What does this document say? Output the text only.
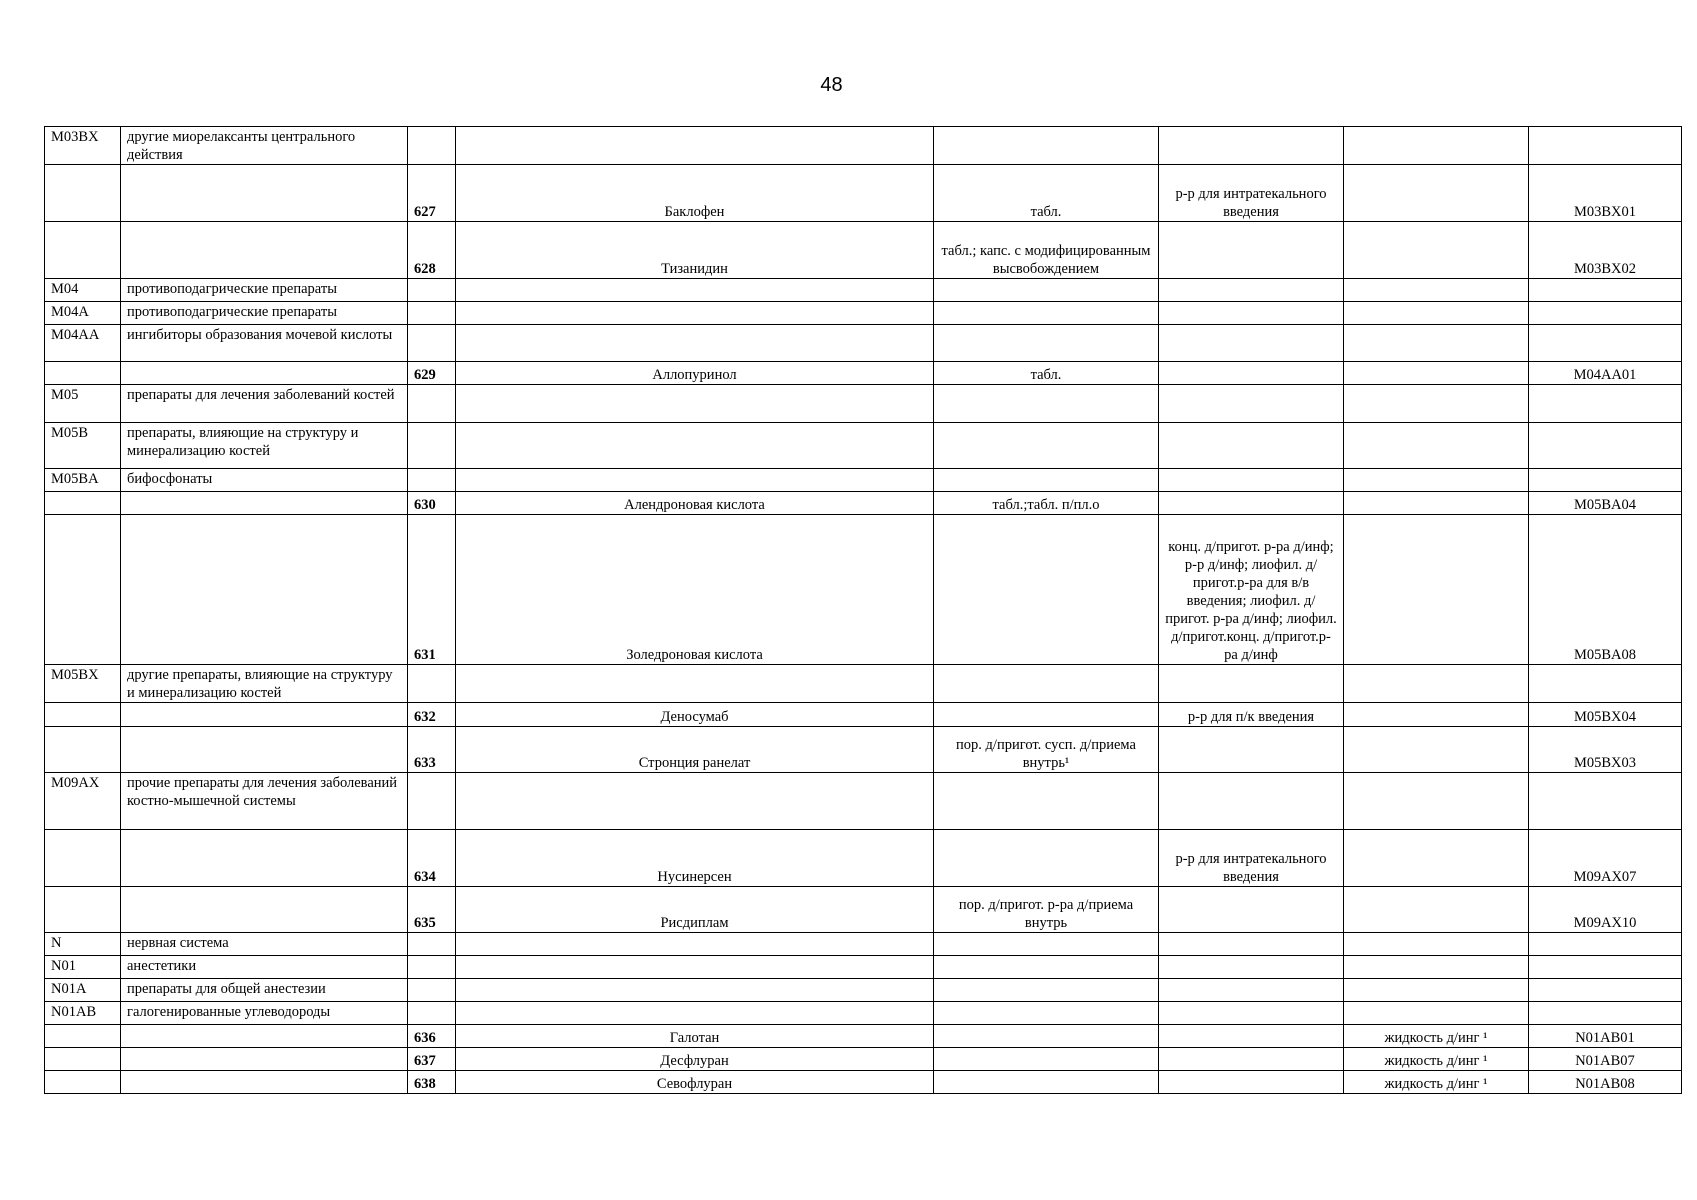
48
M03BX	другие миорелаксанты центрального действия						
		627	Баклофен	табл.	р-р для интратекального введения		M03BX01
		628	Тизанидин	табл.; капс. с модифицированным высвобождением			M03BX02
M04	противоподагрические препараты						
M04A	противоподагрические препараты						
M04AA	ингибиторы образования мочевой кислоты						
		629	Аллопуринол	табл.			M04AA01
M05	препараты для лечения заболеваний костей						
M05B	препараты, влияющие на структуру и минерализацию костей						
M05BA	бифосфонаты						
		630	Алендроновая кислота	табл.;табл. п/пл.о			M05BA04
		631	Золедроновая кислота		конц. д/пригот. р-ра д/инф; р-р д/инф; лиофил. д/пригот.р-ра для в/в введения; лиофил. д/пригот. р-ра д/инф; лиофил. д/пригот.конц. д/пригот.р-ра д/инф		M05BA08
M05BX	другие препараты, влияющие на структуру и минерализацию костей						
		632	Деносумаб		р-р для п/к введения		M05BX04
		633	Стронция ранелат	пор. д/пригот. сусп. д/приема внутрь¹			M05BX03
M09AX	прочие препараты для лечения заболеваний костно-мышечной системы						
		634	Нусинерсен		р-р для интратекального введения		M09AX07
		635	Рисдиплам	пор. д/пригот. р-ра д/приема внутрь			M09AX10
N	нервная система						
N01	анестетики						
N01A	препараты для общей анестезии						
N01AB	галогенированные углеводороды						
		636	Галотан			жидкость д/инг ¹	N01AB01
		637	Десфлуран			жидкость д/инг ¹	N01AB07
		638	Севофлуран			жидкость д/инг ¹	N01AB08
